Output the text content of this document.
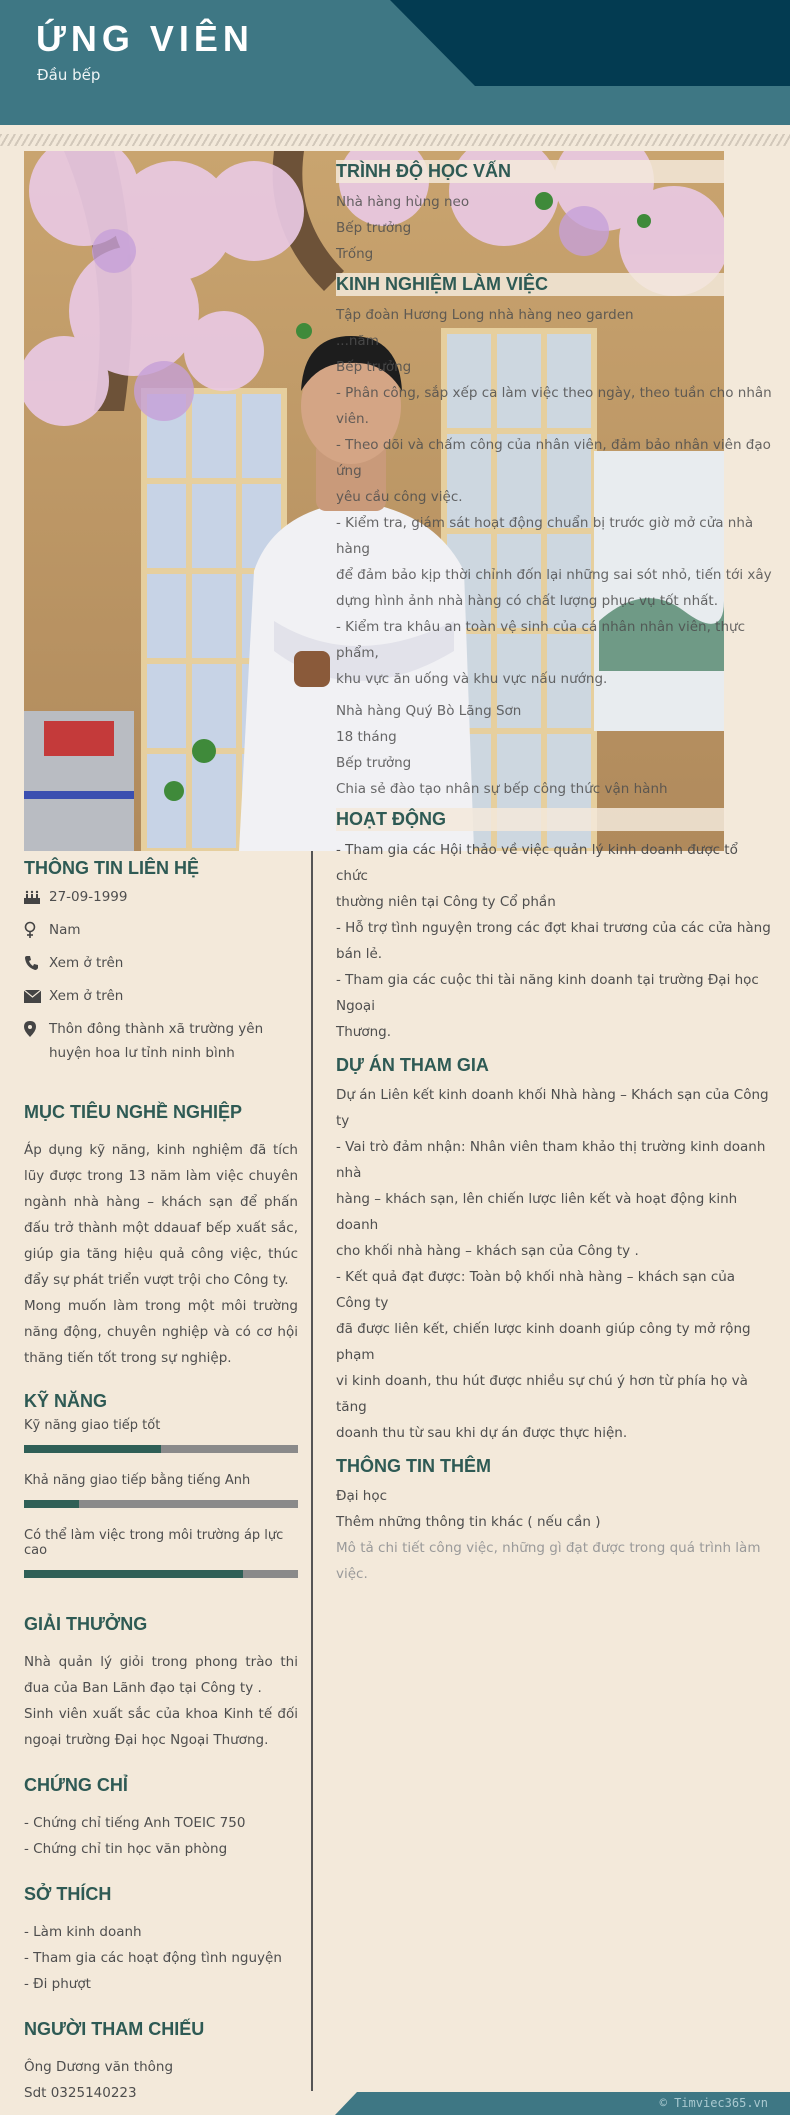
ỨNG VIÊN
Đầu bếp
TRÌNH ĐỘ HỌC VẤN
Nhà hàng hùng neo
Bếp trưởng
Trống
KINH NGHIỆM LÀM VIỆC
Tập đoàn Hương Long nhà hàng neo garden
...năm
Bếp trưởng
- Phân công, sắp xếp ca làm việc theo ngày, theo tuần cho nhân viên.
- Theo dõi và chấm công của nhân viên, đảm bảo nhân viên đạo ứng
yêu cầu công việc.
- Kiểm tra, giám sát hoạt động chuẩn bị trước giờ mở cửa nhà hàng
để đảm bảo kịp thời chỉnh đốn lại những sai sót nhỏ, tiến tới xây
dựng hình ảnh nhà hàng có chất lượng phục vụ tốt nhất.
- Kiểm tra khâu an toàn vệ sinh của cá nhân nhân viên, thực phẩm,
khu vực ăn uống và khu vực nấu nướng.
Nhà hàng Quý Bò Lãng Sơn
18 tháng
Bếp trưởng
Chia sẻ đào tạo nhân sự bếp công thức vận hành
HOẠT ĐỘNG
- Tham gia các Hội thảo về việc quản lý kinh doanh được tổ chức
thường niên tại Công ty Cổ phần
- Hỗ trợ tình nguyện trong các đợt khai trương của các cửa hàng
bán lẻ.
- Tham gia các cuộc thi tài năng kinh doanh tại trường Đại học Ngoại
Thương.
DỰ ÁN THAM GIA
Dự án Liên kết kinh doanh khối Nhà hàng – Khách sạn của Công ty
- Vai trò đảm nhận: Nhân viên tham khảo thị trường kinh doanh nhà
hàng – khách sạn, lên chiến lược liên kết và hoạt động kinh doanh
cho khối nhà hàng – khách sạn của Công ty .
- Kết quả đạt được: Toàn bộ khối nhà hàng – khách sạn của Công ty
đã được liên kết, chiến lược kinh doanh giúp công ty mở rộng phạm
vi kinh doanh, thu hút được nhiều sự chú ý hơn từ phía họ và tăng
doanh thu từ sau khi dự án được thực hiện.
THÔNG TIN THÊM
Đại học
Thêm những thông tin khác ( nếu cần )
Mô tả chi tiết công việc, những gì đạt được trong quá trình làm việc.
THÔNG TIN LIÊN HỆ
27-09-1999
Nam
Xem ở trên
Xem ở trên
Thôn đông thành xã trường yên huyện hoa lư tỉnh ninh bình
MỤC TIÊU NGHỀ NGHIỆP
Áp dụng kỹ năng, kinh nghiệm đã tích lũy được trong 13 năm làm việc chuyên ngành nhà hàng – khách sạn để phấn đấu trở thành một ddauaf bếp xuất sắc, giúp gia tăng hiệu quả công việc, thúc đẩy sự phát triển vượt trội cho Công ty.
Mong muốn làm trong một môi trường năng động, chuyên nghiệp và có cơ hội thăng tiến tốt trong sự nghiệp.
KỸ NĂNG
Kỹ năng giao tiếp tốt
Khả năng giao tiếp bằng tiếng Anh
Có thể làm việc trong môi trường áp lực cao
GIẢI THƯỞNG
Nhà quản lý giỏi trong phong trào thi đua của Ban Lãnh đạo tại Công ty .
Sinh viên xuất sắc của khoa Kinh tế đối ngoại trường Đại học Ngoại Thương.
CHỨNG CHỈ
- Chứng chỉ tiếng Anh TOEIC 750
- Chứng chỉ tin học văn phòng
SỞ THÍCH
- Làm kinh doanh
- Tham gia các hoạt động tình nguyện
- Đi phượt
NGƯỜI THAM CHIẾU
Ông Dương văn thông
Sdt 0325140223
© Timviec365.vn
